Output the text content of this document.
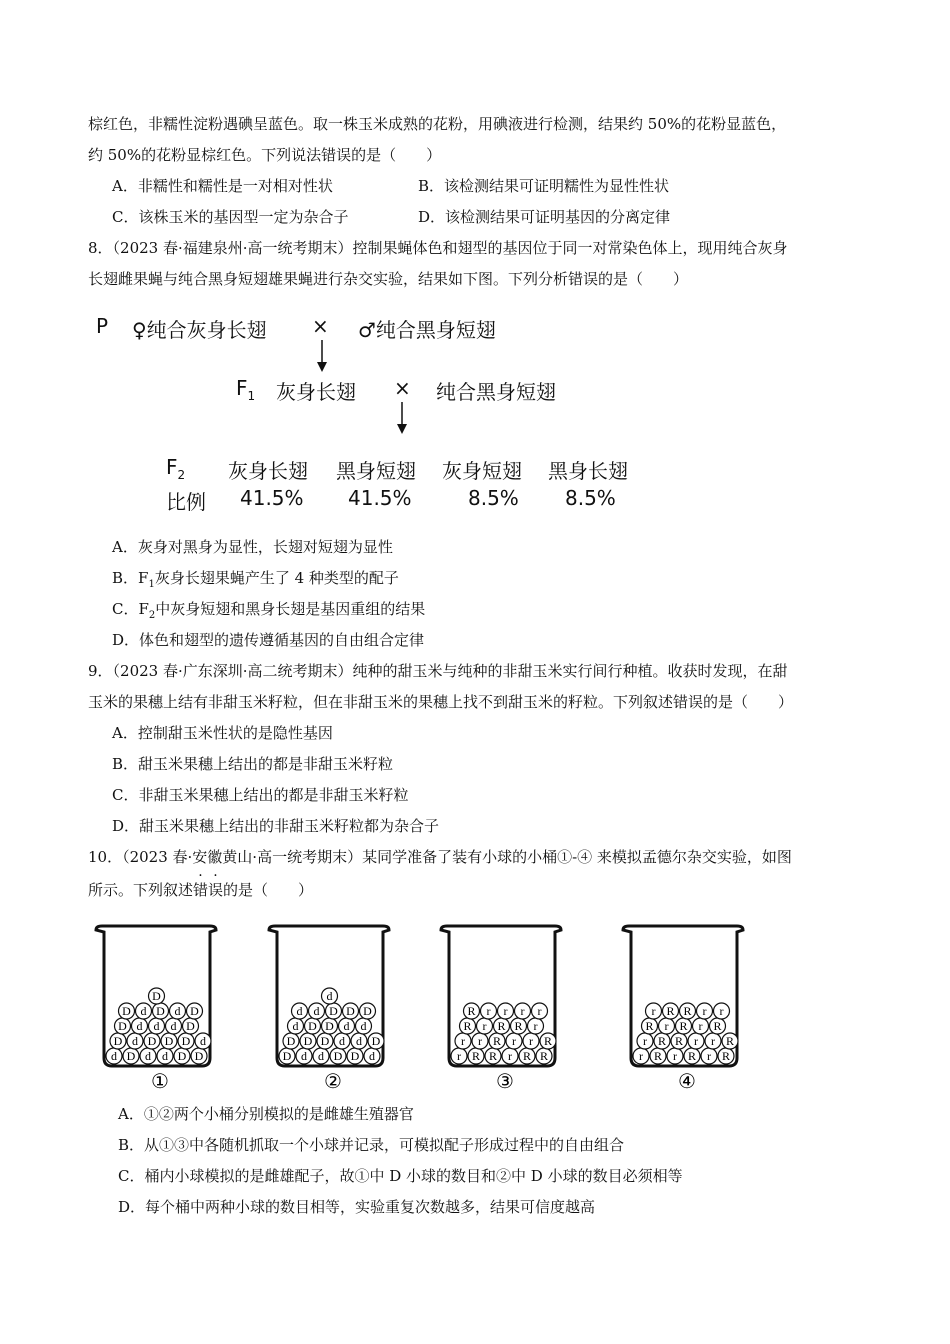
棕红色，非糯性淀粉遇碘呈蓝色。取一株玉米成熟的花粉，用碘液进行检测，结果约 50%的花粉显蓝色，
约 50%的花粉显棕红色。下列说法错误的是（　　）
A．非糯性和糯性是一对相对性状	B．该检测结果可证明糯性为显性性状
C．该株玉米的基因型一定为杂合子	D．该检测结果可证明基因的分离定律
8．（2023 春·福建泉州·高一统考期末）控制果蝇体色和翅型的基因位于同一对常染色体上，现用纯合灰身
长翅雌果蝇与纯合黑身短翅雄果蝇进行杂交实验，结果如下图。下列分析错误的是（　　）
P ♀纯合灰身长翅 × ♂纯合黑身短翅
$F_1$ 灰身长翅 × 纯合黑身短翅
$F_2$ 灰身长翅 黑身短翅 灰身短翅 黑身长翅
比例 41.5% 41.5%	8.5% 8.5%
A．灰身对黑身为显性，长翅对短翅为显性
B．$F_1$灰身长翅果蝇产生了 4 种类型的配子
C．$F_2$中灰身短翅和黑身长翅是基因重组的结果
D．体色和翅型的遗传遵循基因的自由组合定律
9．（2023 春·广东深圳·高二统考期末）纯种的甜玉米与纯种的非甜玉米实行间行种植。收获时发现，在甜
玉米的果穗上结有非甜玉米籽粒，但在非甜玉米的果穗上找不到甜玉米的籽粒。下列叙述错误的是（　　）
A．控制甜玉米性状的是隐性基因
B．甜玉米果穗上结出的都是非甜玉米籽粒
C．非甜玉米果穗上结出的都是非甜玉米籽粒
D．甜玉米果穗上结出的非甜玉米籽粒都为杂合子
10．（2023 春·安徽黄山·高一统考期末）某同学准备了装有小球的小桶①-④ 来模拟孟德尔杂交实验，如图
所示。下列叙述错误的是（　　）
d D d d D D
D d D D D d
D d d d D
D d D d D
D
①
D d d D D d
D D D d d D
d D D d d
d d D D D
d
②
r R R r R R
r r R r r R
R r R R r
R r r r r
③
r R r R r R
r R R r r R
R r R r R
r R R r r
④
A．①②两个小桶分别模拟的是雌雄生殖器官
B．从①③中各随机抓取一个小球并记录，可模拟配子形成过程中的自由组合
C．桶内小球模拟的是雌雄配子，故①中 D 小球的数目和②中 D 小球的数目必须相等
D．每个桶中两种小球的数目相等，实验重复次数越多，结果可信度越高
